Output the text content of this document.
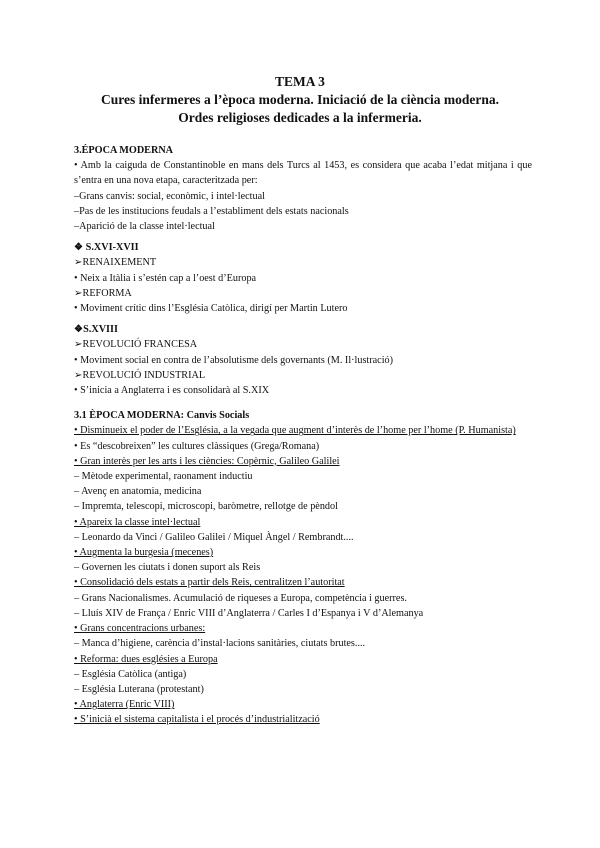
TEMA 3
Cures infermeres a l’època moderna. Iniciació de la ciència moderna.
Ordes religioses dedicades a la infermeria.
3.ÉPOCA MODERNA
• Amb la caiguda de Constantinoble en mans dels Turcs al 1453, es considera que acaba l’edat mitjana i que s’entra en una nova etapa, caracteritzada per:
–Grans canvis: social, econòmic, i intel·lectual
–Pas de les institucions feudals a l’establiment dels estats nacionals
–Aparició de la classe intel·lectual
❖ S.XVI-XVII
➢RENAIXEMENT
• Neix a Itàlia i s’estén cap a l’oest d’Europa
➢REFORMA
• Moviment crític dins l’Església Catòlica, dirigí per Martin Lutero
❖S.XVIII
➢REVOLUCIÓ FRANCESA
• Moviment social en contra de l’absolutisme dels governants (M. Il·lustració)
➢REVOLUCIÓ INDUSTRIAL
• S’inicia a Anglaterra i es consolidarà al S.XIX
3.1 ÈPOCA MODERNA: Canvis Socials
• Disminueix el poder de l’Església, a la vegada que augment d’interès de l’home per l’home (P. Humanista)
• Es “descobreixen” les cultures clàssiques (Grega/Romana)
• Gran interès per les arts i les ciències: Copèrnic, Galileo Galilei
– Mètode experimental, raonament inductiu
– Avenç en anatomia, medicina
– Impremta, telescopi, microscopi, baròmetre, rellotge de pèndol
• Apareix la classe intel·lectual
– Leonardo da Vinci / Galileo Galilei / Miquel Àngel / Rembrandt....
• Augmenta la burgesia (mecenes)
– Governen les ciutats i donen suport als Reis
• Consolidació dels estats a partir dels Reis, centralitzen l’autoritat
– Grans Nacionalismes. Acumulació de riqueses a Europa, competència i guerres.
– Lluís XIV de França / Enric VIII d’Anglaterra / Carles I d’Espanya i V d’Alemanya
• Grans concentracions urbanes:
– Manca d’higiene, carència d’instal·lacions sanitàries, ciutats brutes....
• Reforma: dues esglésies a Europa
– Església Catòlica (antiga)
– Església Luterana (protestant)
• Anglaterra (Enric VIII)
• S’inicià el sistema capitalista i el procés d’industrialització
